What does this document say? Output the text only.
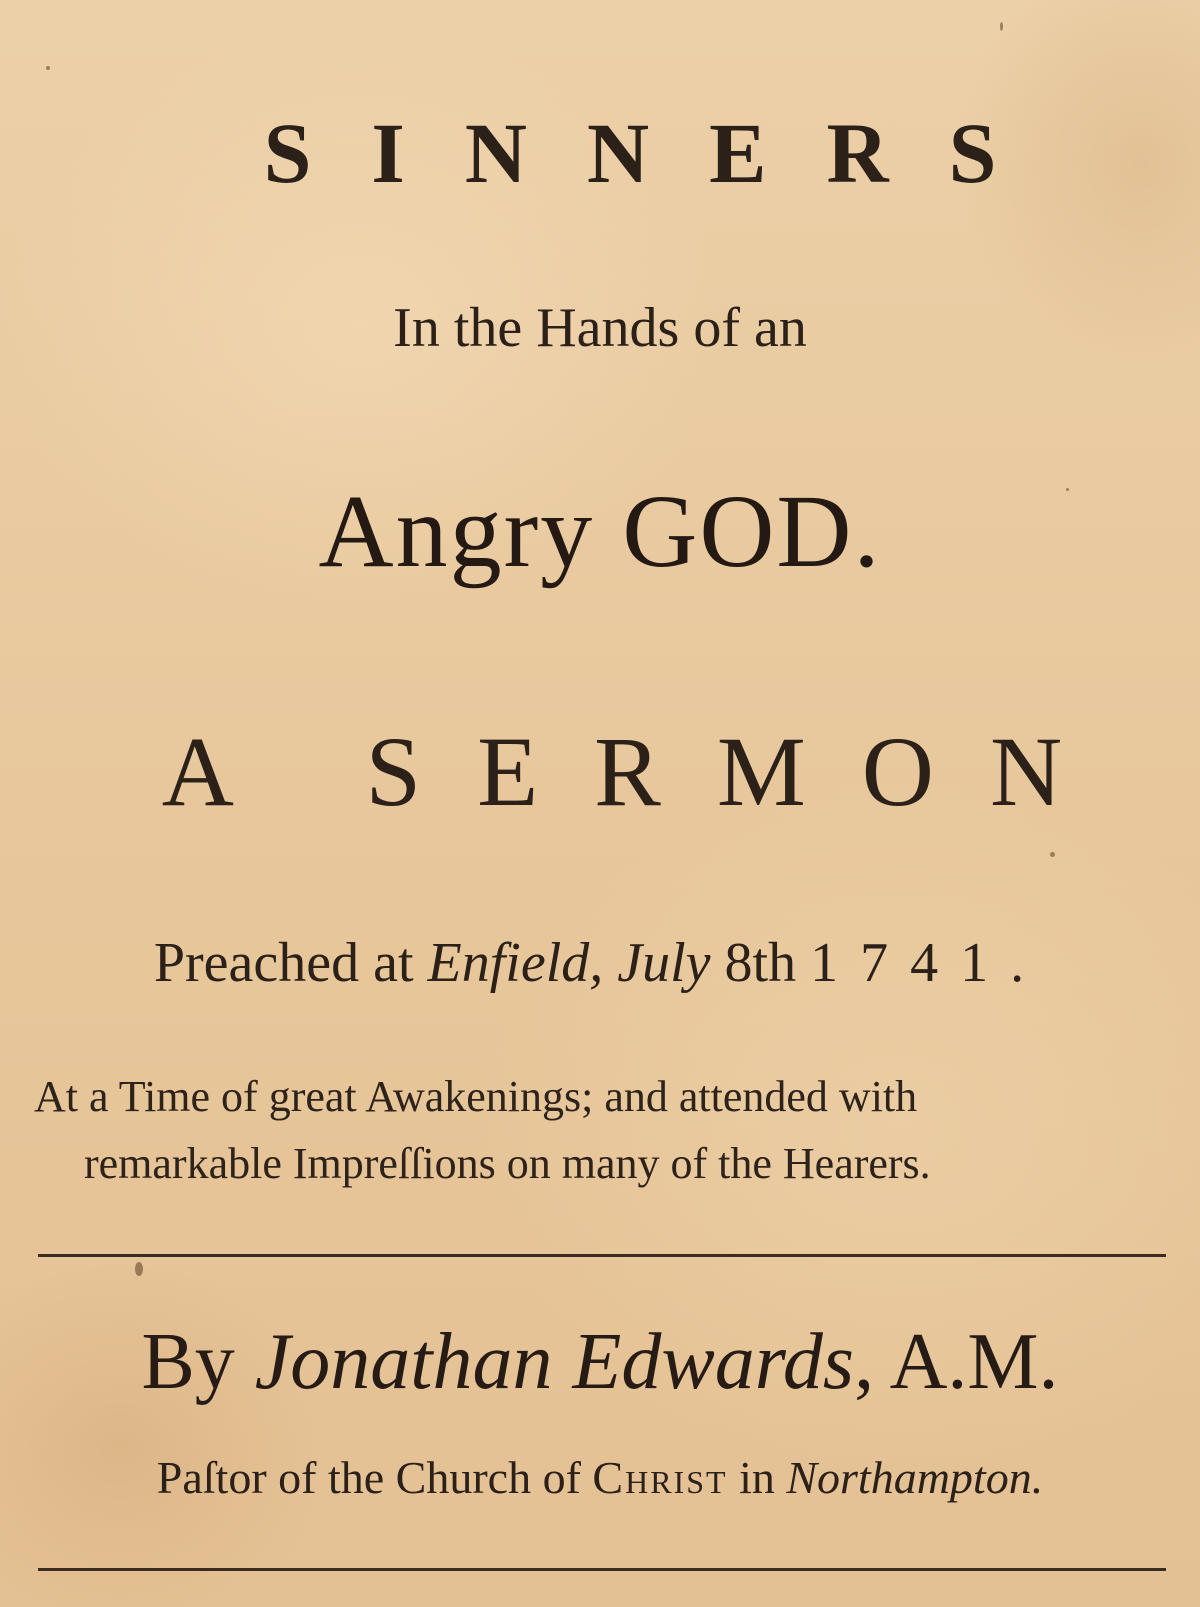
SINNERS

In the Hands of an

Angry GOD.

A SERMON

Preached at Enfield, July 8th 1741.

At a Time of great Awakenings; and attended with

remarkable Impreſſions on many of the Hearers.

By Jonathan Edwards, A.M.

Paſtor of the Church of Christ in Northampton.
